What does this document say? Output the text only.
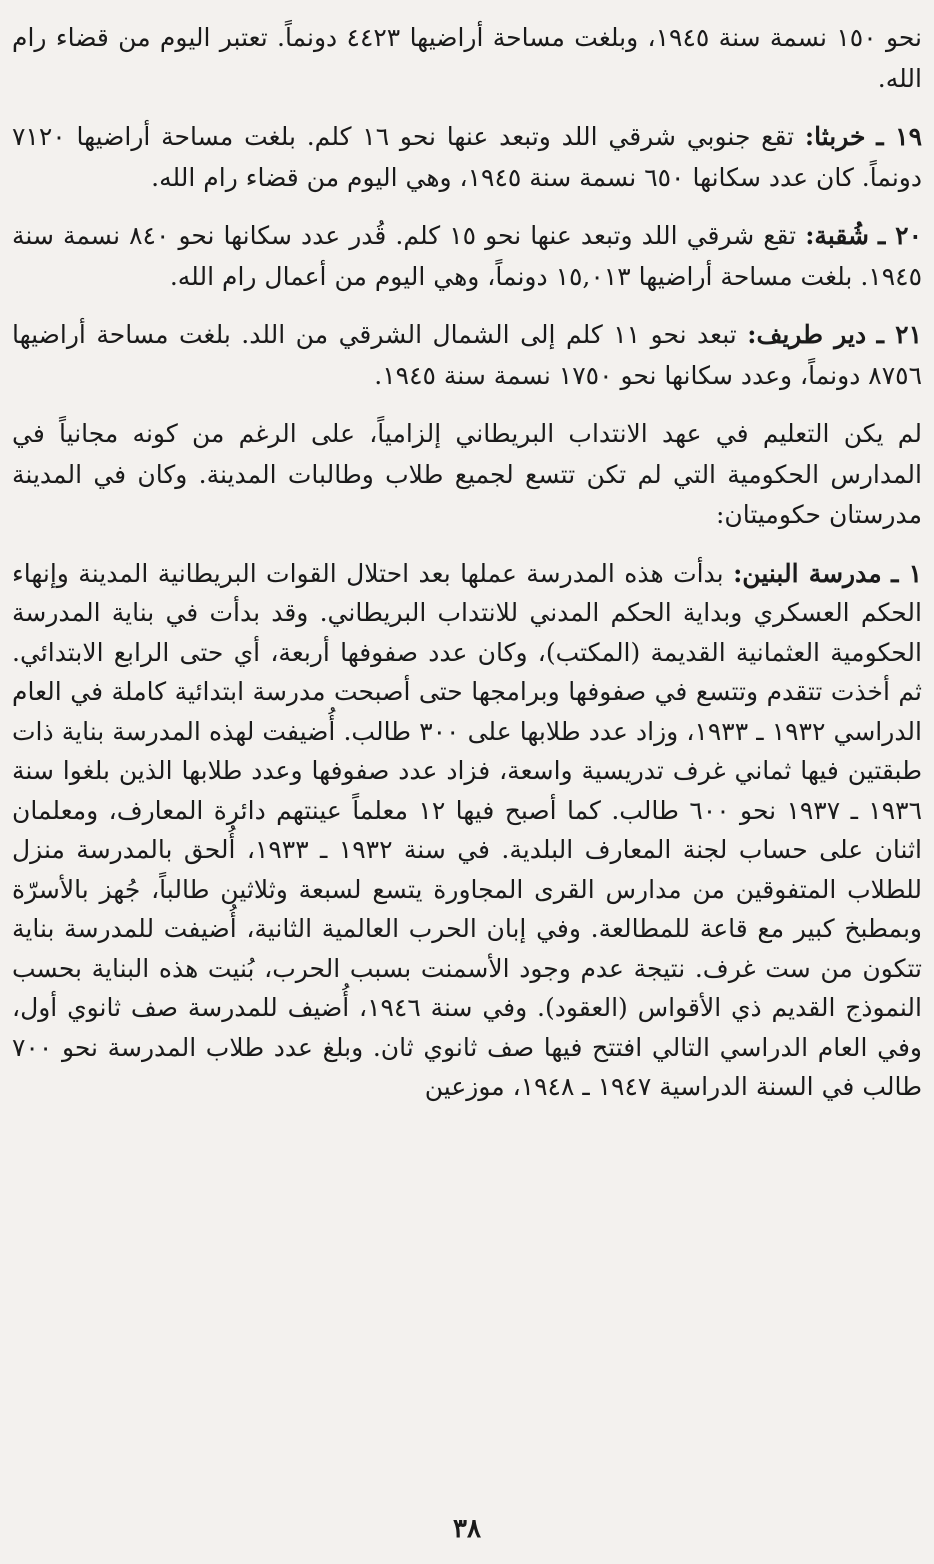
نحو ١٥٠ نسمة سنة ١٩٤٥، وبلغت مساحة أراضيها ٤٤٢٣ دونماً. تعتبر اليوم من قضاء رام الله.

١٩ ـ خربثا: تقع جنوبي شرقي اللد وتبعد عنها نحو ١٦ كلم. بلغت مساحة أراضيها ٧١٢٠ دونماً. كان عدد سكانها ٦٥٠ نسمة سنة ١٩٤٥، وهي اليوم من قضاء رام الله.

٢٠ ـ شُقبة: تقع شرقي اللد وتبعد عنها نحو ١٥ كلم. قُدر عدد سكانها نحو ٨٤٠ نسمة سنة ١٩٤٥. بلغت مساحة أراضيها ١٥,٠١٣ دونماً، وهي اليوم من أعمال رام الله.

٢١ ـ دير طريف: تبعد نحو ١١ كلم إلى الشمال الشرقي من اللد. بلغت مساحة أراضيها ٨٧٥٦ دونماً، وعدد سكانها نحو ١٧٥٠ نسمة سنة ١٩٤٥.

لم يكن التعليم في عهد الانتداب البريطاني إلزامياً، على الرغم من كونه مجانياً في المدارس الحكومية التي لم تكن تتسع لجميع طلاب وطالبات المدينة. وكان في المدينة مدرستان حكوميتان:

١ ـ مدرسة البنين: بدأت هذه المدرسة عملها بعد احتلال القوات البريطانية المدينة وإنهاء الحكم العسكري وبداية الحكم المدني للانتداب البريطاني. وقد بدأت في بناية المدرسة الحكومية العثمانية القديمة (المكتب)، وكان عدد صفوفها أربعة، أي حتى الرابع الابتدائي. ثم أخذت تتقدم وتتسع في صفوفها وبرامجها حتى أصبحت مدرسة ابتدائية كاملة في العام الدراسي ١٩٣٢ ـ ١٩٣٣، وزاد عدد طلابها على ٣٠٠ طالب. أُضيفت لهذه المدرسة بناية ذات طبقتين فيها ثماني غرف تدريسية واسعة، فزاد عدد صفوفها وعدد طلابها الذين بلغوا سنة ١٩٣٦ ـ ١٩٣٧ نحو ٦٠٠ طالب. كما أصبح فيها ١٢ معلماً عينتهم دائرة المعارف، ومعلمان اثنان على حساب لجنة المعارف البلدية. في سنة ١٩٣٢ ـ ١٩٣٣، أُلحق بالمدرسة منزل للطلاب المتفوقين من مدارس القرى المجاورة يتسع لسبعة وثلاثين طالباً، جُهز بالأسرّة وبمطبخ كبير مع قاعة للمطالعة. وفي إبان الحرب العالمية الثانية، أُضيفت للمدرسة بناية تتكون من ست غرف. نتيجة عدم وجود الأسمنت بسبب الحرب، بُنيت هذه البناية بحسب النموذج القديم ذي الأقواس (العقود). وفي سنة ١٩٤٦، أُضيف للمدرسة صف ثانوي أول، وفي العام الدراسي التالي افتتح فيها صف ثانوي ثان. وبلغ عدد طلاب المدرسة نحو ٧٠٠ طالب في السنة الدراسية ١٩٤٧ ـ ١٩٤٨، موزعين

٣٨
